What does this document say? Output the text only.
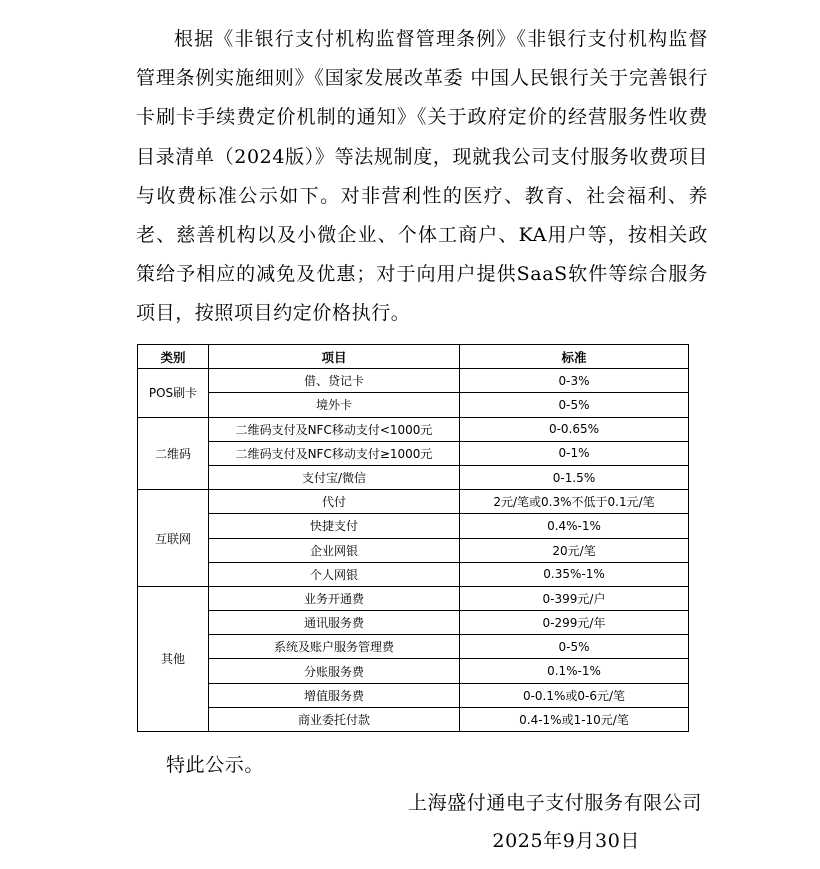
根据《非银行支付机构监督管理条例》《非银行支付机构监督管理条例实施细则》《国家发展改革委 中国人民银行关于完善银行卡刷卡手续费定价机制的通知》《关于政府定价的经营服务性收费目录清单（2024版）》等法规制度，现就我公司支付服务收费项目与收费标准公示如下。对非营利性的医疗、教育、社会福利、养老、慈善机构以及小微企业、个体工商户、KA用户等，按相关政策给予相应的减免及优惠；对于向用户提供SaaS软件等综合服务项目，按照项目约定价格执行。

类别	项目	标准
POS刷卡	借、贷记卡	0-3%
	境外卡	0-5%
二维码	二维码支付及NFC移动支付<1000元	0-0.65%
	二维码支付及NFC移动支付≥1000元	0-1%
	支付宝/微信	0-1.5%
互联网	代付	2元/笔或0.3%不低于0.1元/笔
	快捷支付	0.4%-1%
	企业网银	20元/笔
	个人网银	0.35%-1%
其他	业务开通费	0-399元/户
	通讯服务费	0-299元/年
	系统及账户服务管理费	0-5%
	分账服务费	0.1%-1%
	增值服务费	0-0.1%或0-6元/笔
	商业委托付款	0.4-1%或1-10元/笔
特此公示。
上海盛付通电子支付服务有限公司
2025年9月30日
